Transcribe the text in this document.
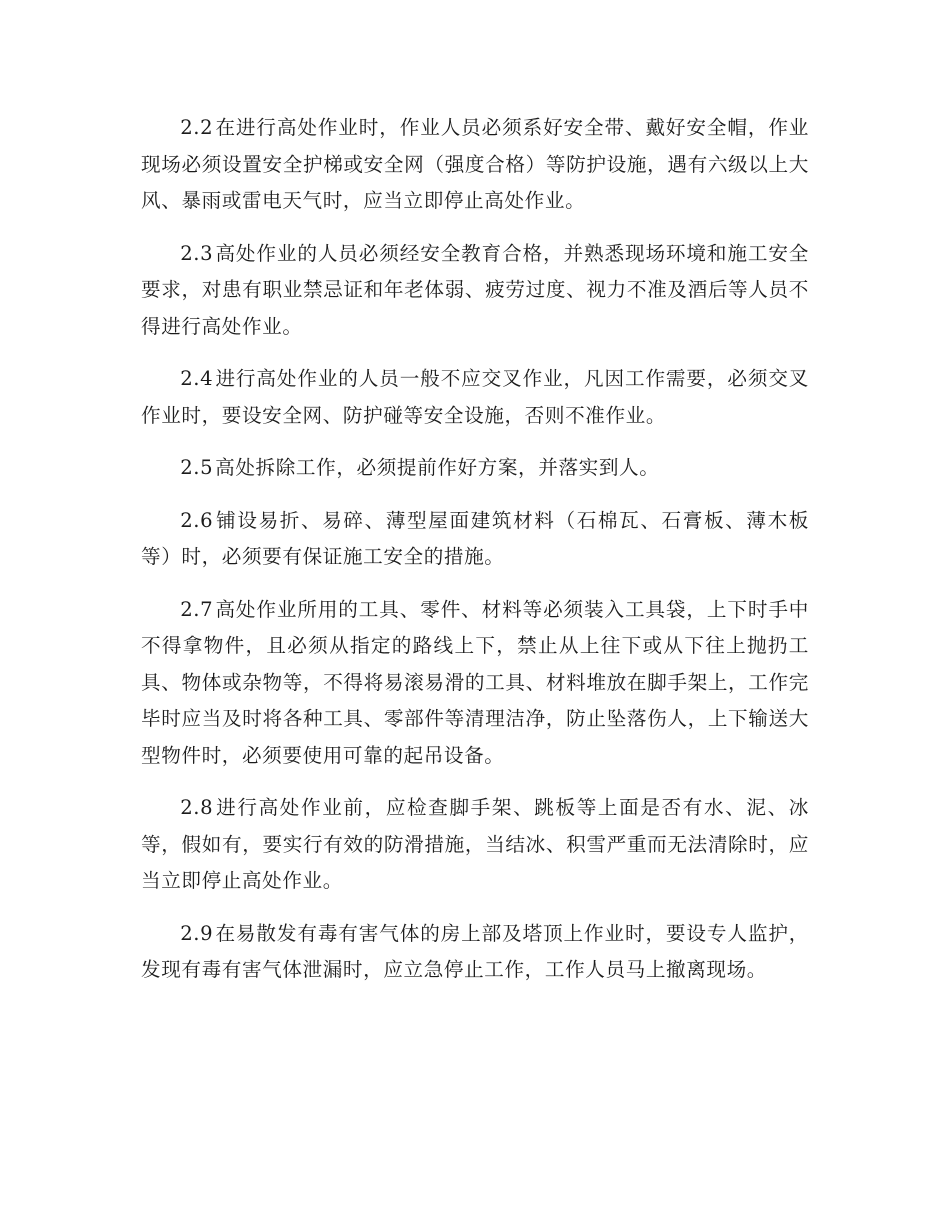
2.2 在进行高处作业时，作业人员必须系好安全带、戴好安全帽，作业现场必须设置安全护梯或安全网（强度合格）等防护设施，遇有六级以上大风、暴雨或雷电天气时，应当立即停止高处作业。

2.3 高处作业的人员必须经安全教育合格，并熟悉现场环境和施工安全要求，对患有职业禁忌证和年老体弱、疲劳过度、视力不准及酒后等人员不得进行高处作业。

2.4 进行高处作业的人员一般不应交叉作业，凡因工作需要，必须交叉作业时，要设安全网、防护碰等安全设施，否则不准作业。

2.5 高处拆除工作，必须提前作好方案，并落实到人。

2.6 铺设易折、易碎、薄型屋面建筑材料（石棉瓦、石膏板、薄木板等）时，必须要有保证施工安全的措施。

2.7 高处作业所用的工具、零件、材料等必须装入工具袋，上下时手中不得拿物件，且必须从指定的路线上下，禁止从上往下或从下往上抛扔工具、物体或杂物等，不得将易滚易滑的工具、材料堆放在脚手架上，工作完毕时应当及时将各种工具、零部件等清理洁净，防止坠落伤人，上下输送大型物件时，必须要使用可靠的起吊设备。

2.8 进行高处作业前，应检查脚手架、跳板等上面是否有水、泥、冰等，假如有，要实行有效的防滑措施，当结冰、积雪严重而无法清除时，应当立即停止高处作业。

2.9 在易散发有毒有害气体的房上部及塔顶上作业时，要设专人监护，发现有毒有害气体泄漏时，应立急停止工作，工作人员马上撤离现场。
